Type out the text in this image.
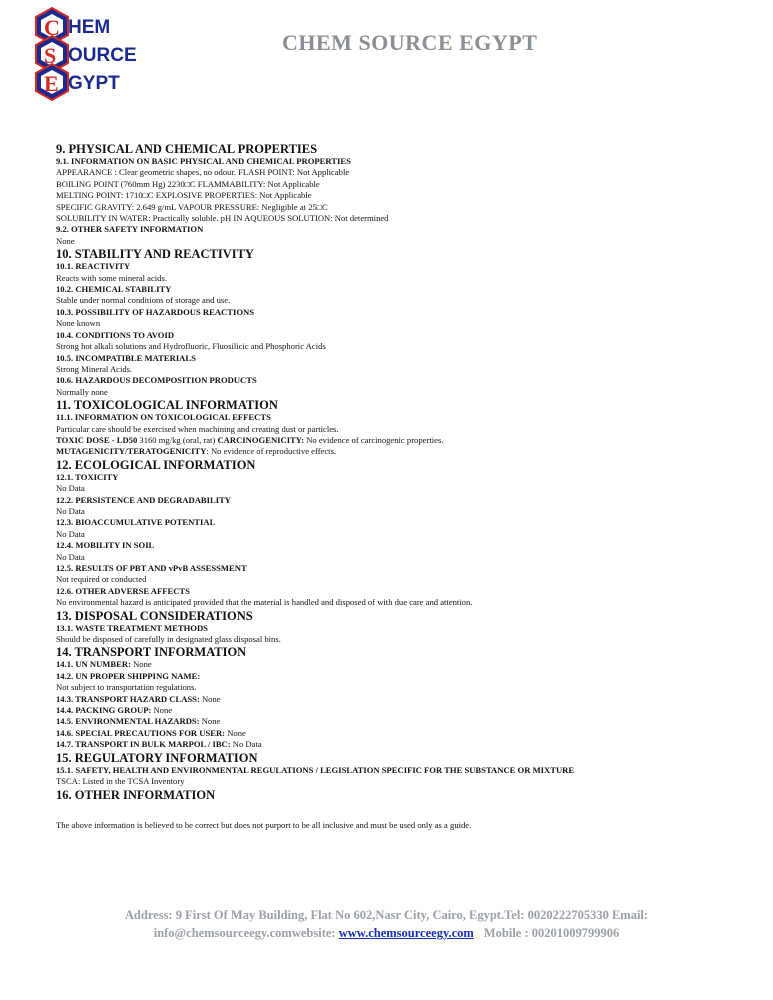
C
S
E
HEM
OURCE
GYPT
CHEM SOURCE EGYPT
9. PHYSICAL AND CHEMICAL PROPERTIES
9.1. INFORMATION ON BASIC PHYSICAL AND CHEMICAL PROPERTIES
APPEARANCE : Clear geometric shapes, no odour. FLASH POINT: Not Applicable
BOILING POINT (760mm Hg) 2230□C FLAMMABILITY: Not Applicable
MELTING POINT: 1710□C EXPLOSIVE PROPERTIES: Not Applicable
SPECIFIC GRAVITY: 2.649 g/mL VAPOUR PRESSURE: Negligible at 25□C
SOLUBILITY IN WATER: Practically soluble. pH IN AQUEOUS SOLUTION: Not determined
9.2. OTHER SAFETY INFORMATION
None
10. STABILITY AND REACTIVITY
10.1. REACTIVITY
Reacts with some mineral acids.
10.2. CHEMICAL STABILITY
Stable under normal conditions of storage and use.
10.3. POSSIBILITY OF HAZARDOUS REACTIONS
None known
10.4. CONDITIONS TO AVOID
Strong hot alkali solutions and Hydrofluoric, Fluosilicic and Phosphoric Acids
10.5. INCOMPATIBLE MATERIALS
Strong Mineral Acids.
10.6. HAZARDOUS DECOMPOSITION PRODUCTS
Normally none
11. TOXICOLOGICAL INFORMATION
11.1. INFORMATION ON TOXICOLOGICAL EFFECTS
Particular care should be exercised when machining and creating dust or particles.
TOXIC DOSE - LD50 3160 mg/kg (oral, rat) CARCINOGENICITY: No evidence of carcinogenic properties.
MUTAGENICITY/TERATOGENICITY: No evidence of reproductive effects.
12. ECOLOGICAL INFORMATION
12.1. TOXICITY
No Data
12.2. PERSISTENCE AND DEGRADABILITY
No Data
12.3. BIOACCUMULATIVE POTENTIAL
No Data
12.4. MOBILITY IN SOIL
No Data
12.5. RESULTS OF PBT AND vPvB ASSESSMENT
Not required or conducted
12.6. OTHER ADVERSE AFFECTS
No environmental hazard is anticipated provided that the material is handled and disposed of with due care and attention.
13. DISPOSAL CONSIDERATIONS
13.1. WASTE TREATMENT METHODS
Should be disposed of carefully in designated glass disposal bins.
14. TRANSPORT INFORMATION
14.1. UN NUMBER: None
14.2. UN PROPER SHIPPING NAME:
Not subject to transportation regulations.
14.3. TRANSPORT HAZARD CLASS: None
14.4. PACKING GROUP: None
14.5. ENVIRONMENTAL HAZARDS: None
14.6. SPECIAL PRECAUTIONS FOR USER: None
14.7. TRANSPORT IN BULK MARPOL / IBC: No Data
15. REGULATORY INFORMATION
15.1. SAFETY, HEALTH AND ENVIRONMENTAL REGULATIONS / LEGISLATION SPECIFIC FOR THE SUBSTANCE OR MIXTURE
TSCA: Listed in the TCSA Inventory
16. OTHER INFORMATION
The above information is believed to be correct but does not purport to be all inclusive and must be used only as a guide.
Address: 9 First Of May Building, Flat No 602,Nasr City, Cairo, Egypt.Tel: 0020222705330 Email:
info@chemsourceegy.comwebsite: www.chemsourceegy.com Mobile : 00201009799906
